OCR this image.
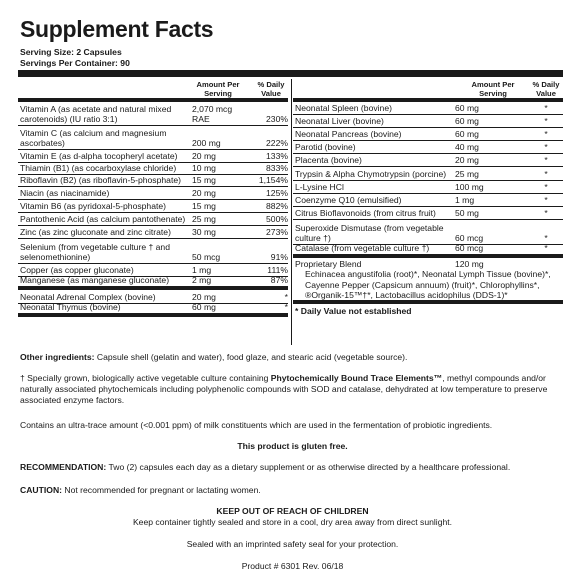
Supplement Facts
Serving Size: 2 Capsules
Servings Per Container: 90
Amount Per Serving
% Daily Value
Vitamin A (as acetate and natural mixed carotenoids) (IU ratio 3:1)
2,070 mcg RAE	230%
Vitamin C (as calcium and magnesium ascorbates)	200 mg	222%
Vitamin E (as d-alpha tocopheryl acetate)	20 mg	133%
Thiamin (B1) (as cocarboxylase chloride)	10 mg	833%
Riboflavin (B2) (as riboflavin-5-phosphate)	15 mg	1,154%
Niacin (as niacinamide)	20 mg	125%
Vitamin B6 (as pyridoxal-5-phosphate)	15 mg	882%
Pantothenic Acid (as calcium pantothenate) 25 mg	500%
Zinc (as zinc gluconate and zinc citrate)	30 mg	273%
Selenium (from vegetable culture † and selenomethionine)	50 mcg	91%
Copper (as copper gluconate)	1 mg	111%
Manganese (as manganese gluconate)	2 mg	87%
Neonatal Adrenal Complex (bovine)	20 mg	*
Neonatal Thymus (bovine)	60 mg	*
Amount Per Serving
% Daily Value
Neonatal Spleen (bovine)	60 mg	*
Neonatal Liver (bovine)	60 mg	*
Neonatal Pancreas (bovine)	60 mg	*
Parotid (bovine)	40 mg	*
Placenta (bovine)	20 mg	*
Trypsin & Alpha Chymotrypsin (porcine)	25 mg	*
L-Lysine HCl	100 mg	*
Coenzyme Q10 (emulsified)	1 mg	*
Citrus Bioflavonoids (from citrus fruit)	50 mg	*
Superoxide Dismutase (from vegetable culture †)	60 mcg	*
Catalase (from vegetable culture †)	60 mcg	*
Proprietary Blend	120 mg
Echinacea angustifolia (root)*, Neonatal Lymph Tissue (bovine)*, Cayenne Pepper (Capsicum annuum) (fruit)*, Chlorophyllins*, ®Organik-15™†*, Lactobacillus acidophilus (DDS-1)*
* Daily Value not established
Other ingredients: Capsule shell (gelatin and water), food glaze, and stearic acid (vegetable source).
† Specially grown, biologically active vegetable culture containing Phytochemically Bound Trace Elements™, methyl compounds and/or naturally associated phytochemicals including polyphenolic compounds with SOD and catalase, dehydrated at low temperature to preserve associated enzyme factors.
Contains an ultra-trace amount (<0.001 ppm) of milk constituents which are used in the fermentation of probiotic ingredients.
This product is gluten free.
RECOMMENDATION: Two (2) capsules each day as a dietary supplement or as otherwise directed by a healthcare professional.
CAUTION: Not recommended for pregnant or lactating women.
KEEP OUT OF REACH OF CHILDREN
Keep container tightly sealed and store in a cool, dry area away from direct sunlight.
Sealed with an imprinted safety seal for your protection.
Product # 6301 Rev. 06/18
